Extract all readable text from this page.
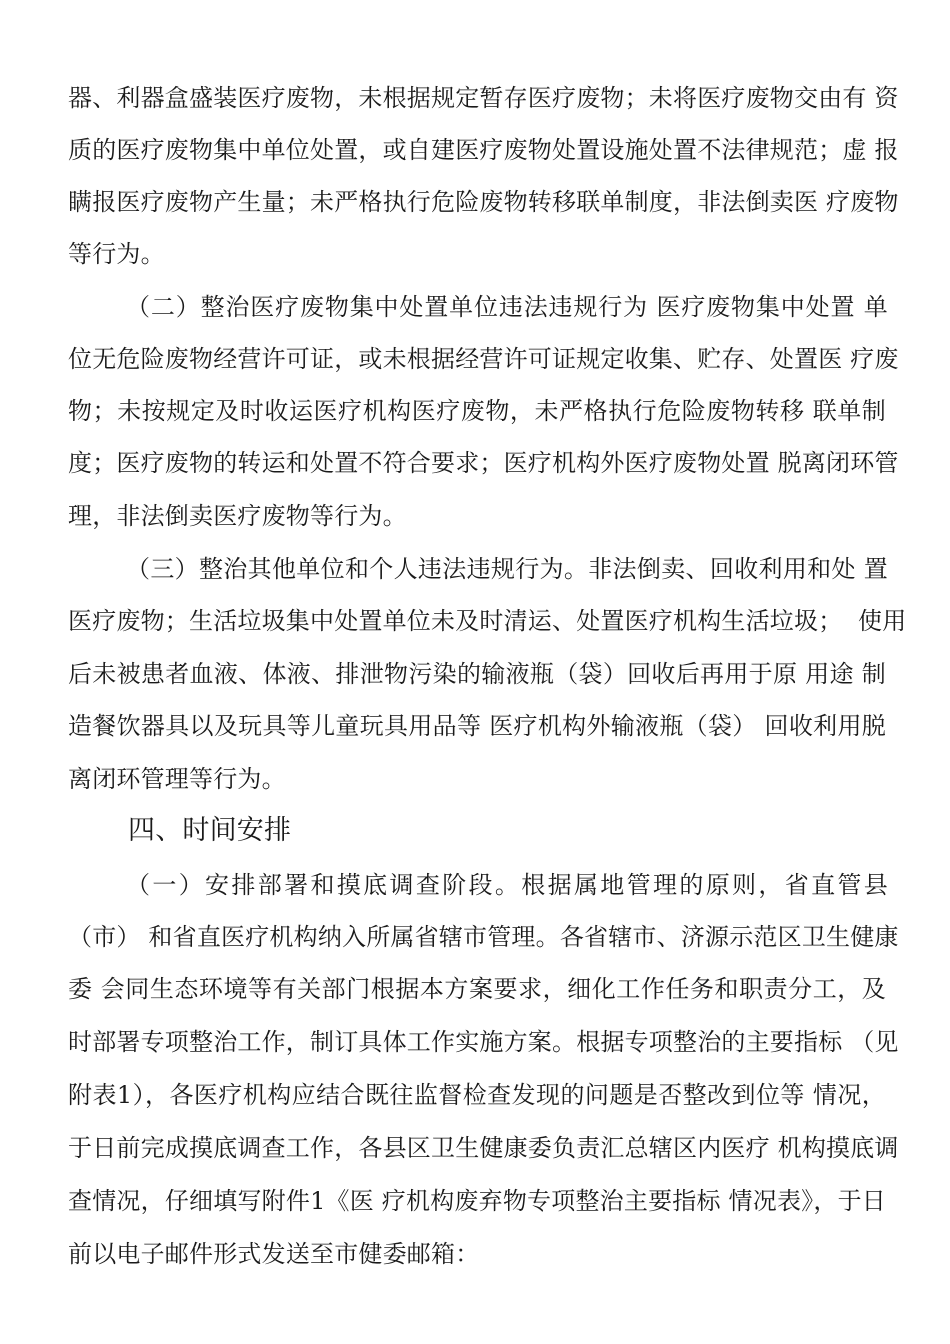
器、利器盒盛装医疗废物，未根据规定暂存医疗废物；未将医疗废物交由有 资
质的医疗废物集中单位处置，或自建医疗废物处置设施处置不法律规范；虚 报
瞒报医疗废物产生量；未严格执行危险废物转移联单制度，非法倒卖医 疗废物
等行为。
（二）整治医疗废物集中处置单位违法违规行为 医疗废物集中处置 单
位无危险废物经营许可证，或未根据经营许可证规定收集、贮存、处置医 疗废
物；未按规定及时收运医疗机构医疗废物，未严格执行危险废物转移 联单制
度；医疗废物的转运和处置不符合要求；医疗机构外医疗废物处置 脱离闭环管
理，非法倒卖医疗废物等行为。
（三）整治其他单位和个人违法违规行为。非法倒卖、回收利用和处 置
医疗废物；生活垃圾集中处置单位未及时清运、处置医疗机构生活垃圾；  使用
后未被患者血液、体液、排泄物污染的输液瓶（袋）回收后再用于原 用途 制
造餐饮器具以及玩具等儿童玩具用品等 医疗机构外输液瓶（袋） 回收利用脱
离闭环管理等行为。
四、时间安排
（一）安排部署和摸底调查阶段。根据属地管理的原则，省直管县
（市） 和省直医疗机构纳入所属省辖市管理。各省辖市、济源示范区卫生健康
委 会同生态环境等有关部门根据本方案要求，细化工作任务和职责分工，及
时部署专项整治工作，制订具体工作实施方案。根据专项整治的主要指标 （见
附表1），各医疗机构应结合既往监督检查发现的问题是否整改到位等 情况，
于日前完成摸底调查工作，各县区卫生健康委负责汇总辖区内医疗 机构摸底调
查情况，仔细填写附件1《医 疗机构废弃物专项整治主要指标 情况表》，于日
前以电子邮件形式发送至市健委邮箱：
